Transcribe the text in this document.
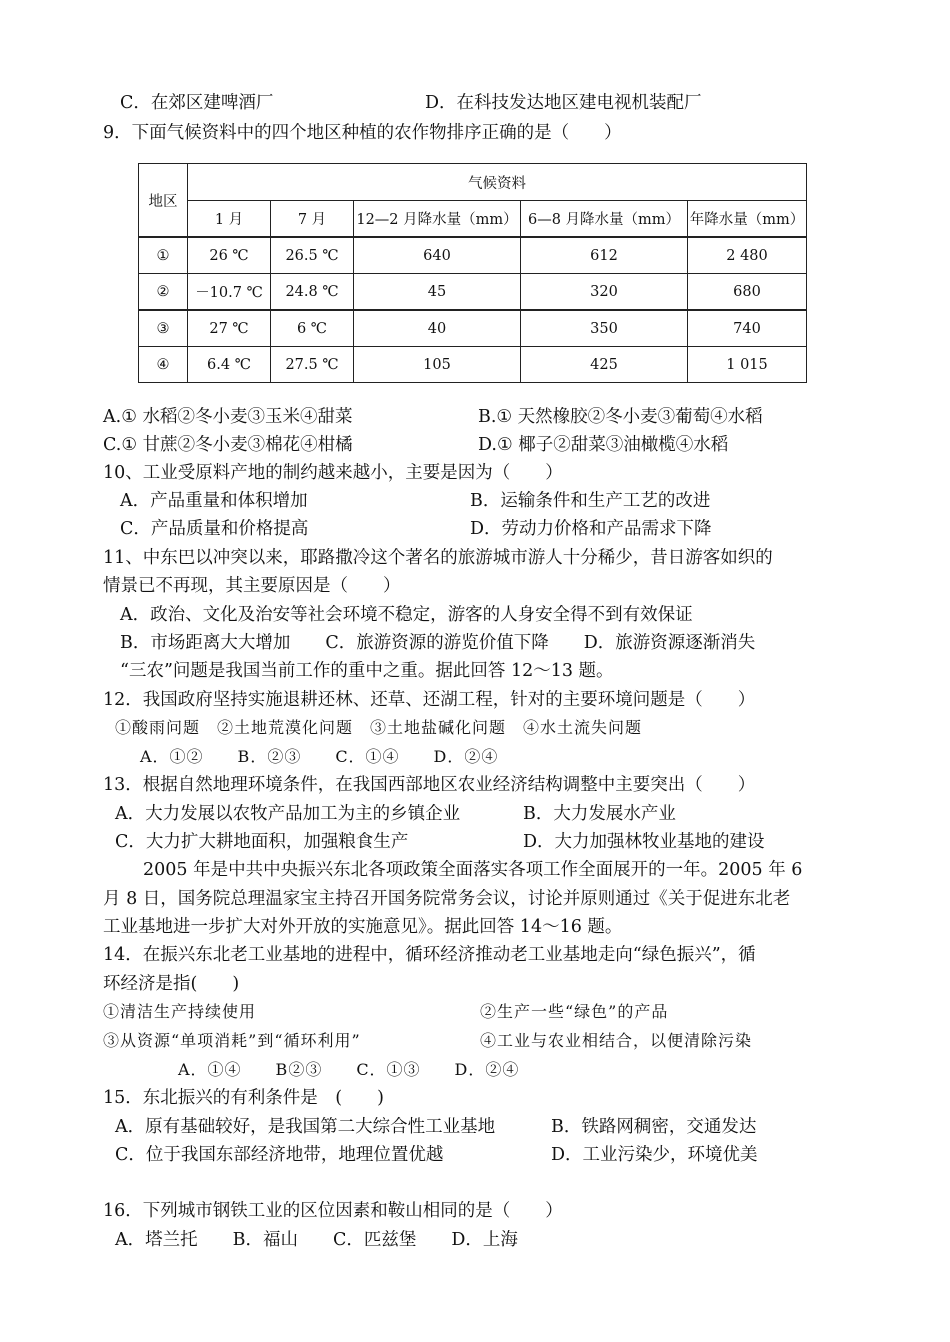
C．在郊区建啤酒厂	D．在科技发达地区建电视机装配厂
9．下面气候资料中的四个地区种植的农作物排序正确的是（　　）
地区	气候资料				
	1 月	7 月	12—2 月降水量（mm）	6—8 月降水量（mm）	年降水量（mm）
①	26 ℃	26.5 ℃	640	612	2 480
②	－10.7 ℃	24.8 ℃	45	320	680
③	27 ℃	6 ℃	40	350	740
④	6.4 ℃	27.5 ℃	105	425	1 015
A.① 水稻②冬小麦③玉米④甜菜	B.① 天然橡胶②冬小麦③葡萄④水稻
C.① 甘蔗②冬小麦③棉花④柑橘	D.① 椰子②甜菜③油橄榄④水稻
10、工业受原料产地的制约越来越小，主要是因为（　　）
A．产品重量和体积增加	B．运输条件和生产工艺的改进
C．产品质量和价格提高	D．劳动力价格和产品需求下降
11、中东巴以冲突以来，耶路撒冷这个著名的旅游城市游人十分稀少，昔日游客如织的
情景已不再现，其主要原因是（　　）
A．政治、文化及治安等社会环境不稳定，游客的人身安全得不到有效保证
B．市场距离大大增加　　C．旅游资源的游览价值下降　　D．旅游资源逐渐消失
“三农”问题是我国当前工作的重中之重。据此回答 12～13 题。
12．我国政府坚持实施退耕还林、还草、还湖工程，针对的主要环境问题是（　　）
①酸雨问题　②土地荒漠化问题　③土地盐碱化问题　④水土流失问题
A．①②　　B．②③　　C．①④　　D．②④
13．根据自然地理环境条件，在我国西部地区农业经济结构调整中主要突出（　　）
A．大力发展以农牧产品加工为主的乡镇企业	B．大力发展水产业
C．大力扩大耕地面积，加强粮食生产	D．大力加强林牧业基地的建设
2005 年是中共中央振兴东北各项政策全面落实各项工作全面展开的一年。2005 年 6
月 8 日，国务院总理温家宝主持召开国务院常务会议，讨论并原则通过《关于促进东北老
工业基地进一步扩大对外开放的实施意见》。据此回答 14～16 题。
14．在振兴东北老工业基地的进程中，循环经济推动老工业基地走向“绿色振兴”，循
环经济是指(　　)
①清洁生产持续使用	②生产一些“绿色”的产品
③从资源“单项消耗”到“循环利用”	④工业与农业相结合，以便清除污染
A．①④　　B②③　　C．①③　　D．②④
15．东北振兴的有利条件是　(　　)
A．原有基础较好，是我国第二大综合性工业基地	B．铁路网稠密，交通发达
C．位于我国东部经济地带，地理位置优越	D．工业污染少，环境优美
16．下列城市钢铁工业的区位因素和鞍山相同的是（　　）
A．塔兰托　　B．福山　　C．匹兹堡　　D．上海
